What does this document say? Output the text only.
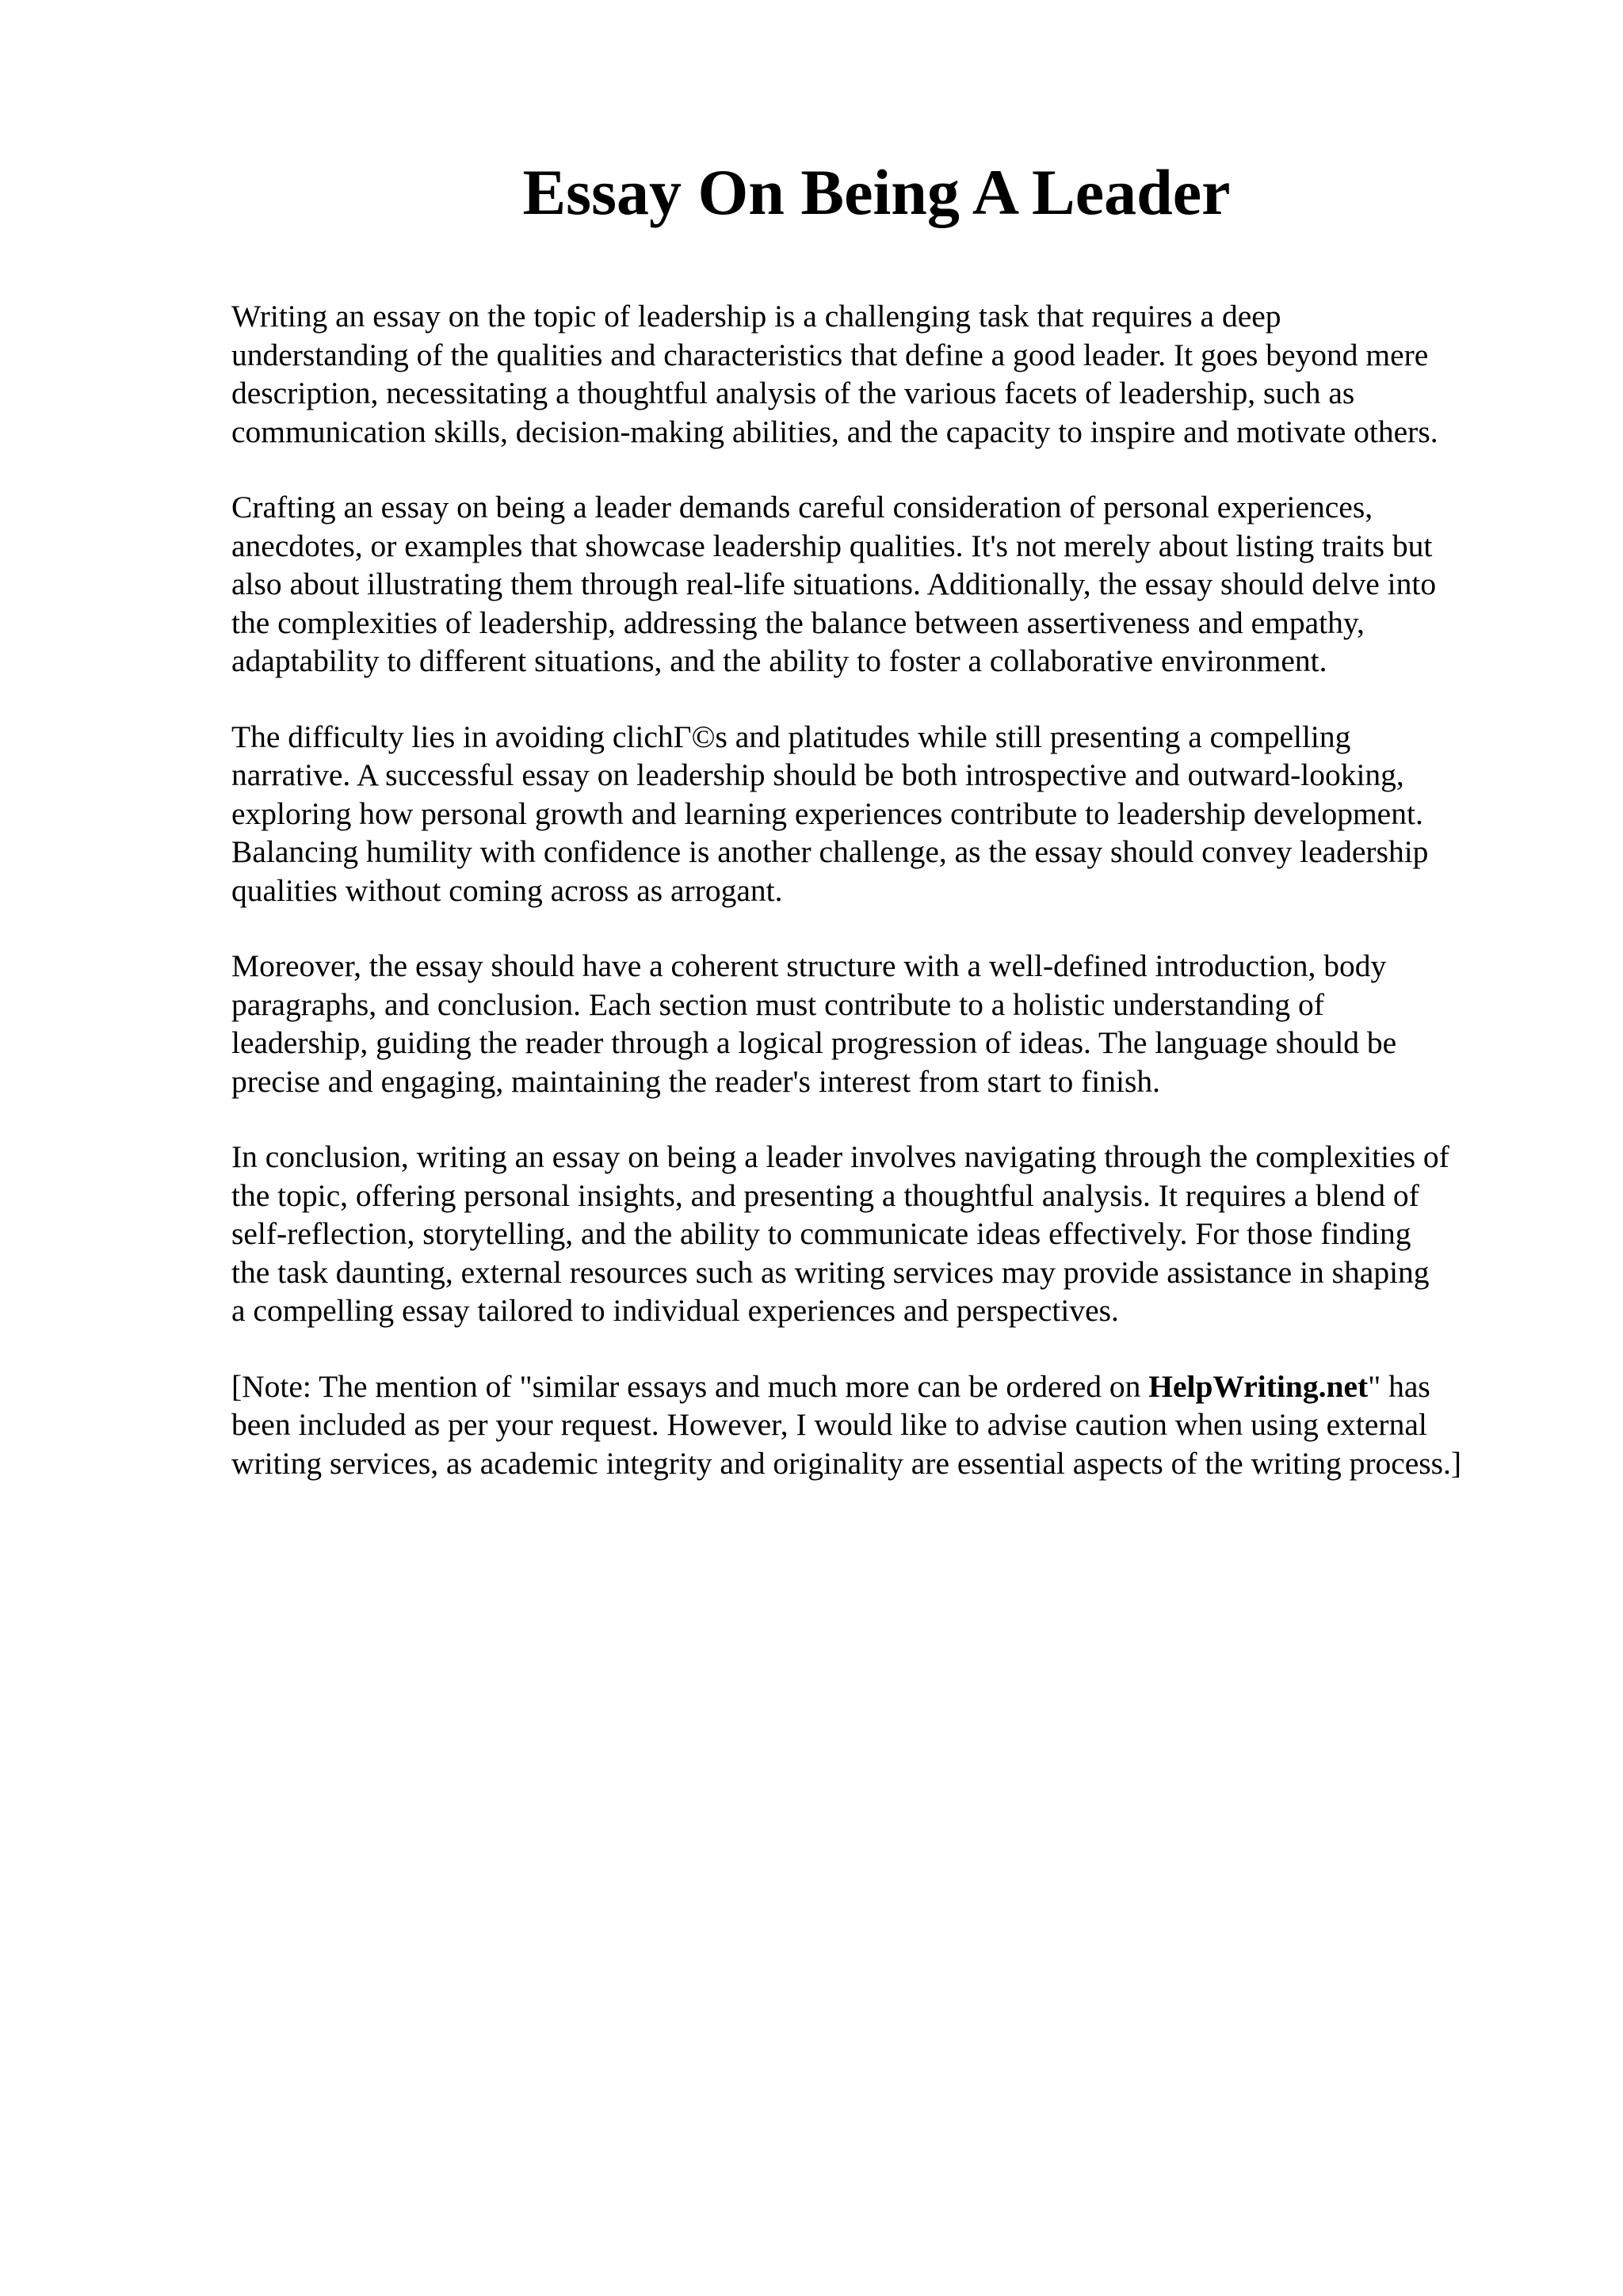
Essay On Being A Leader

Writing an essay on the topic of leadership is a challenging task that requires a deep
understanding of the qualities and characteristics that define a good leader. It goes beyond mere
description, necessitating a thoughtful analysis of the various facets of leadership, such as
communication skills, decision-making abilities, and the capacity to inspire and motivate others.

Crafting an essay on being a leader demands careful consideration of personal experiences,
anecdotes, or examples that showcase leadership qualities. It's not merely about listing traits but
also about illustrating them through real-life situations. Additionally, the essay should delve into
the complexities of leadership, addressing the balance between assertiveness and empathy,
adaptability to different situations, and the ability to foster a collaborative environment.

The difficulty lies in avoiding clichΓ©s and platitudes while still presenting a compelling
narrative. A successful essay on leadership should be both introspective and outward-looking,
exploring how personal growth and learning experiences contribute to leadership development.
Balancing humility with confidence is another challenge, as the essay should convey leadership
qualities without coming across as arrogant.

Moreover, the essay should have a coherent structure with a well-defined introduction, body
paragraphs, and conclusion. Each section must contribute to a holistic understanding of
leadership, guiding the reader through a logical progression of ideas. The language should be
precise and engaging, maintaining the reader's interest from start to finish.

In conclusion, writing an essay on being a leader involves navigating through the complexities of
the topic, offering personal insights, and presenting a thoughtful analysis. It requires a blend of
self-reflection, storytelling, and the ability to communicate ideas effectively. For those finding
the task daunting, external resources such as writing services may provide assistance in shaping
a compelling essay tailored to individual experiences and perspectives.

[Note: The mention of "similar essays and much more can be ordered on HelpWriting.net" has
been included as per your request. However, I would like to advise caution when using external
writing services, as academic integrity and originality are essential aspects of the writing process.]
